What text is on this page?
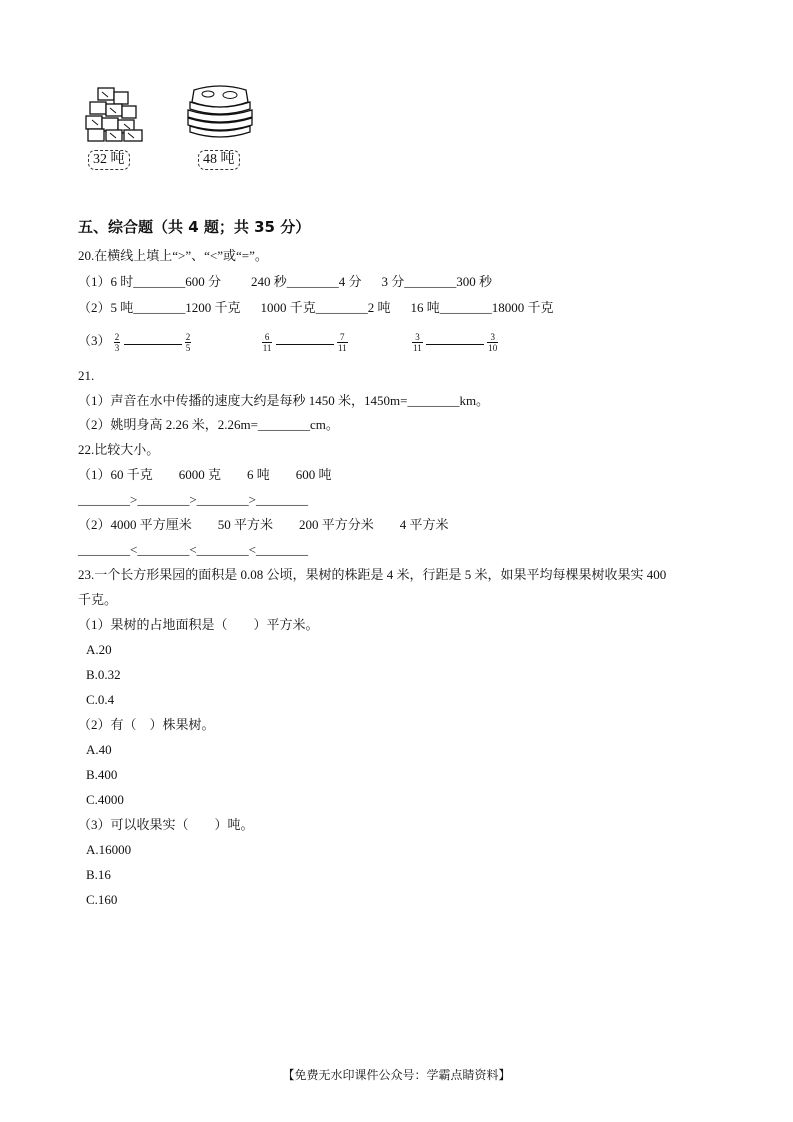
32 吨	48 吨
五、综合题（共 4 题；共 35 分）
20.在横线上填上“>”、“<”或“=”。
（1）6 时________600 分 240 秒________4 分 3 分________300 秒
（2）5 吨________1200 千克 1000 千克________2 吨 16 吨________18000 千克
$(3) \frac{2}{3}$
	$\frac{2}{5}$
	$\frac{6}{11}$
	$\frac{7}{11}$
	$\frac{3}{11}$
	$\frac{3}{10}$
21.
（1）声音在水中传播的速度大约是每秒 1450 米，1450m=________km。
（2）姚明身高 2.26 米，2.26m=________cm。
22.比较大小。
（1）60 千克　　6000 克　　6 吨　　600 吨
________>________>________>________
（2）4000 平方厘米　　50 平方米　　200 平方分米　　4 平方米
________<________<________<________
23.一个长方形果园的面积是 0.08 公顷，果树的株距是 4 米，行距是 5 米，如果平均每棵果树收果实 400
千克。
（1）果树的占地面积是（　　）平方米。
A.20
B.0.32
C.0.4
（2）有（　）株果树。
A.40
B.400
C.4000
（3）可以收果实（　　）吨。
A.16000
B.16
C.160
【免费无水印课件公众号：学霸点睛资料】
